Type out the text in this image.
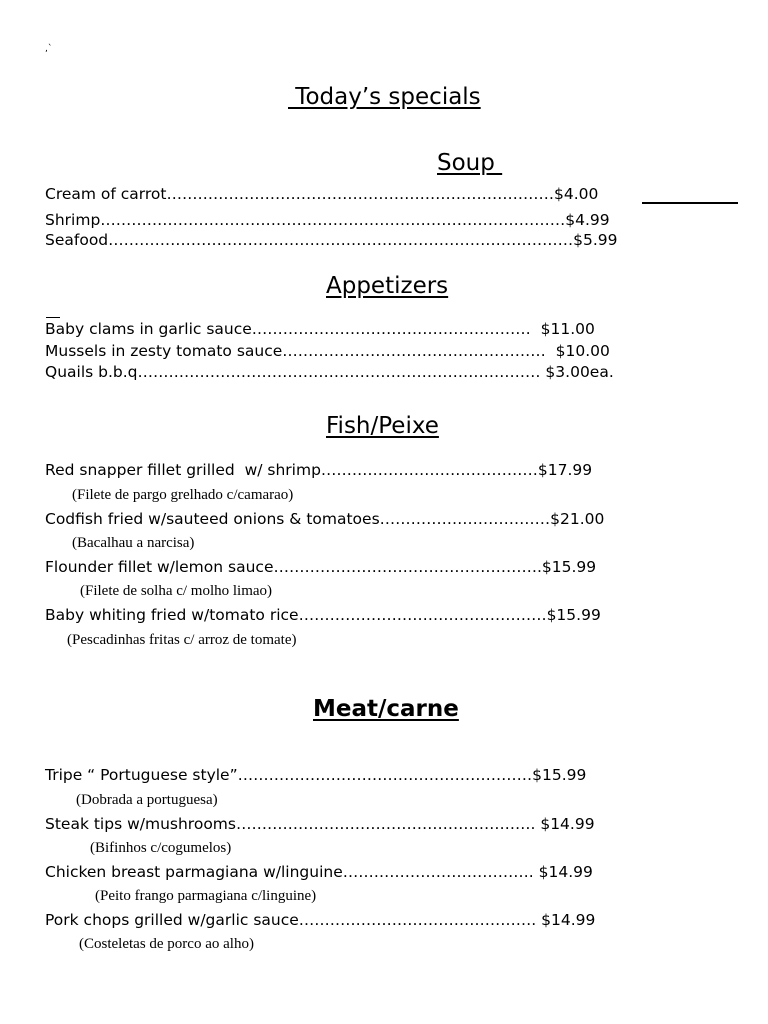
,`
Today’s specials
Soup
Cream of carrot…………………………………………………………………$4.00
Shrimp………………………………………………………………………………$4.99
Seafood………………………………………………………………………………$5.99
Appetizers
Baby clams in garlic sauce………………………………………………  $11.00
Mussels in zesty tomato sauce……………………………………………  $10.00
Quails b.b.q…………………………………………………………………… $3.00ea.
Fish/Peixe
Red snapper fillet grilled  w/ shrimp……………………………………$17.99
(Filete de pargo grelhado c/camarao)
Codfish fried w/sauteed onions & tomatoes……………………………$21.00
(Bacalhau a narcisa)
Flounder fillet w/lemon sauce…………………………………………….$15.99
(Filete de solha c/ molho limao)
Baby whiting fried w/tomato rice…………………………………………$15.99
(Pescadinhas fritas c/ arroz de tomate)
Meat/carne
Tripe “ Portuguese style”…………………………………………………$15.99
(Dobrada a portuguesa)
Steak tips w/mushrooms…………………………………………………. $14.99
(Bifinhos c/cogumelos)
Chicken breast parmagiana w/linguine………………………………. $14.99
(Peito frango parmagiana c/linguine)
Pork chops grilled w/garlic sauce………………………………………. $14.99
(Costeletas de porco ao alho)
